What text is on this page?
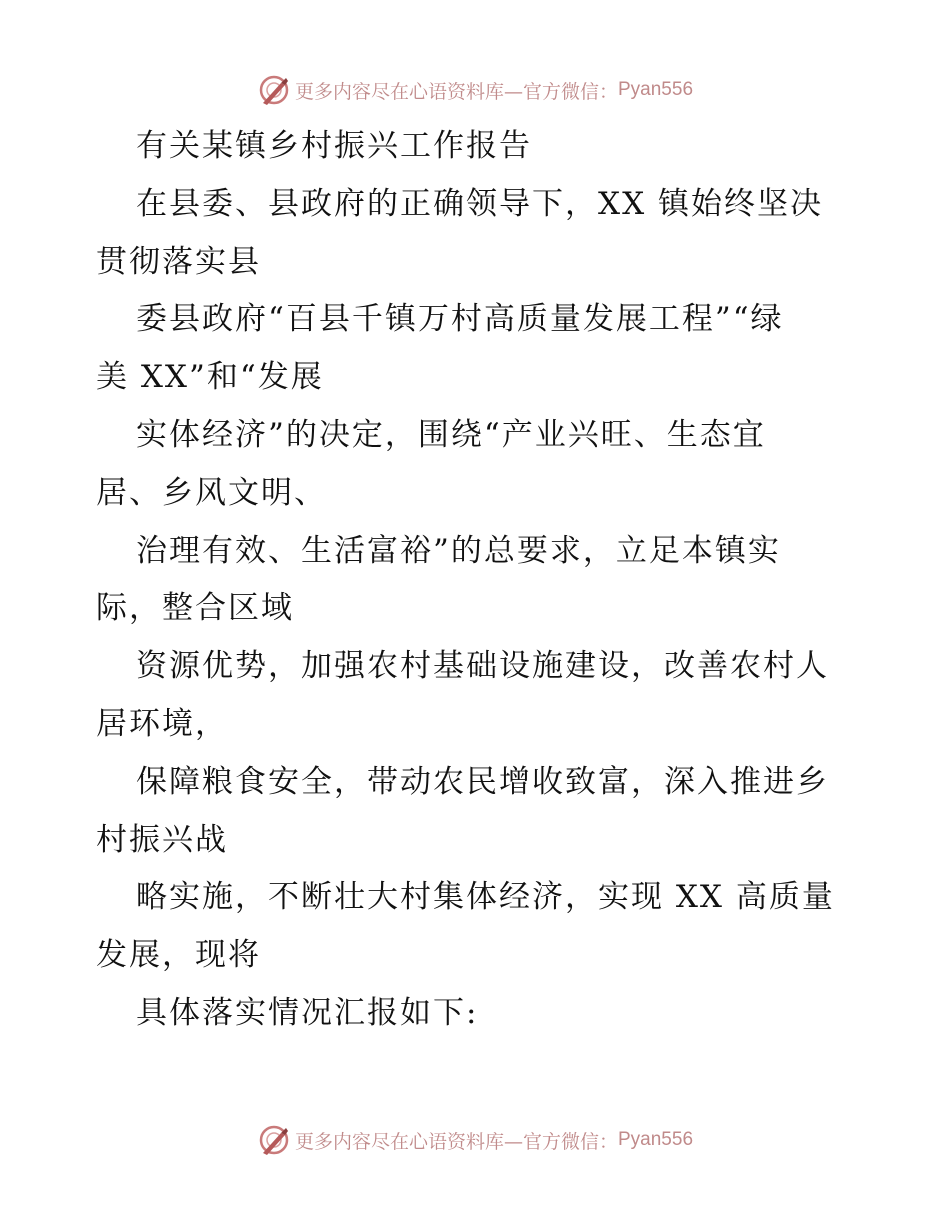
更多内容尽在心语资料库—官方微信： Pyan556
有关某镇乡村振兴工作报告
在县委、县政府的正确领导下，XX 镇始终坚决
贯彻落实县
委县政府“百县千镇万村高质量发展工程”“绿
美 XX”和“发展
实体经济”的决定，围绕“产业兴旺、生态宜
居、乡风文明、
治理有效、生活富裕”的总要求，立足本镇实
际，整合区域
资源优势，加强农村基础设施建设，改善农村人
居环境，
保障粮食安全，带动农民增收致富，深入推进乡
村振兴战
略实施，不断壮大村集体经济，实现 XX 高质量
发展，现将
具体落实情况汇报如下:
更多内容尽在心语资料库—官方微信： Pyan556
